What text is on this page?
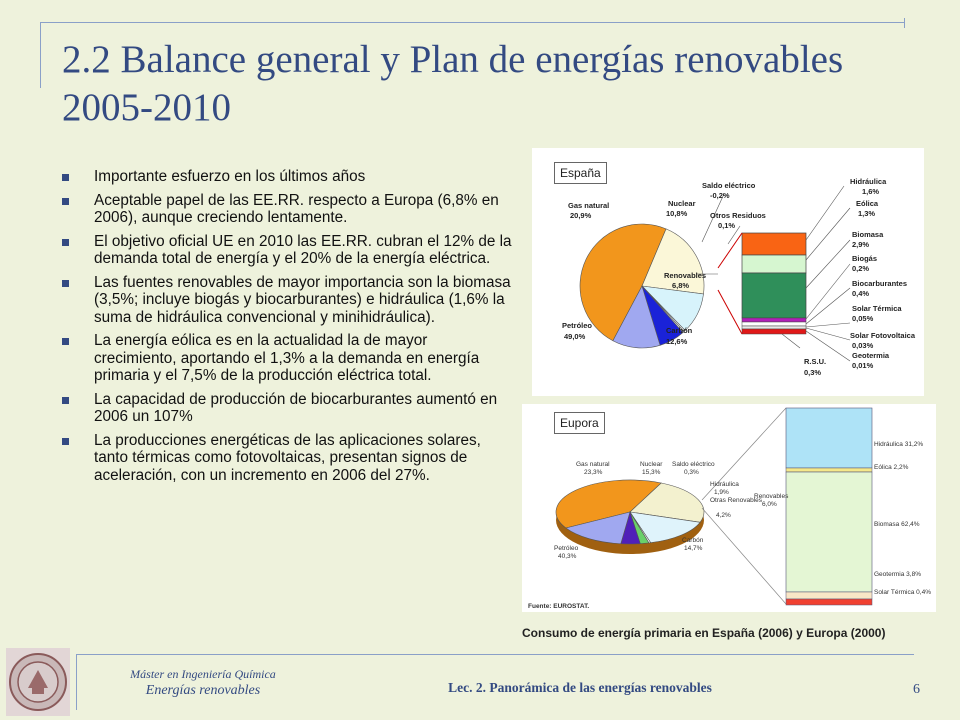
2.2 Balance general y Plan de energías renovables 2005-2010
Importante esfuerzo en los últimos años
Aceptable papel de las EE.RR. respecto a Europa (6,8% en 2006), aunque creciendo lentamente.
El objetivo oficial UE en 2010 las EE.RR. cubran el 12% de la demanda total de energía y el 20% de la energía eléctrica.
Las fuentes renovables de mayor importancia son la biomasa (3,5%; incluye biogás y biocarburantes) e hidráulica (1,6% la suma de hidráulica convencional y minihidráulica).
La energía eólica es en la actualidad la de mayor crecimiento, aportando el 1,3% a la demanda en energía primaria y el 7,5% de la producción eléctrica total.
La capacidad de producción de biocarburantes aumentó en 2006 un 107%
La producciones energéticas de las aplicaciones solares, tanto térmicas como fotovoltaicas, presentan signos de aceleración, con un incremento en 2006 del 27%.
España
Gas natural
20,9%
Nuclear
10,8%
Saldo eléctrico
-0,2%
Otros Residuos
0,1%
Renovables
6,8%
Carbón
12,6%
Petróleo
49,0%
Hidráulica
1,6%
Eólica
1,3%
Biomasa
2,9%
Biogás
0,2%
Biocarburantes
0,4%
Solar Térmica
0,05%
Solar Fotovoltaica
0,03%
Geotermia
0,01%
R.S.U.
0,3%
Eupora
Hidráulica 31,2%
Eólica 2,2%
Biomasa 62,4%
Geotermia 3,8%
Solar Térmica 0,4%
Gas natural
23,3%
Nuclear
15,3%
Saldo eléctrico
0,3%
Hidráulica
1,9%
Otras Renovables
4,2%
Renovables
6,0%
Carbón
14,7%
Petróleo
40,3%
Fuente: EUROSTAT.
Consumo de energía primaria en España (2006) y Europa (2000)
Máster en Ingeniería Química
Energías renovables	Lec. 2. Panorámica de las energías renovables	6
